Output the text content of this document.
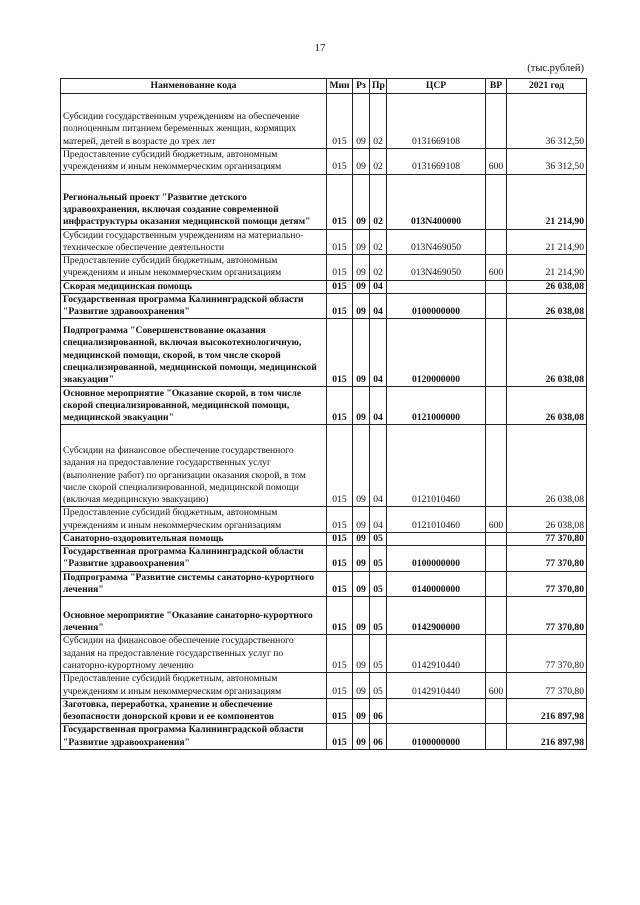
17
(тыс.рублей)
Наименование кода	Мин	Рз	Пр	ЦСР	ВР	2021 год
Субсидии государственным учреждениям на обеспечение полноценным питанием беременных женщин, кормящих матерей, детей в возрасте до трех лет	015	09	02	0131669108		36 312,50
Предоставление субсидий бюджетным, автономным учреждениям и иным некоммерческим организациям	015	09	02	0131669108	600	36 312,50
Региональный проект "Развитие детского здравоохранения, включая создание современной инфраструктуры оказания медицинской помощи детям"	015	09	02	013N400000		21 214,90
Субсидии государственным учреждениям на материально-техническое обеспечение деятельности	015	09	02	013N469050		21 214,90
Предоставление субсидий бюджетным, автономным учреждениям и иным некоммерческим организациям	015	09	02	013N469050	600	21 214,90
Скорая медицинская помощь	015	09	04			26 038,08
Государственная программа Калининградской области "Развитие здравоохранения"	015	09	04	0100000000		26 038,08
Подпрограмма "Совершенствование оказания специализированной, включая высокотехнологичную, медицинской помощи, скорой, в том числе скорой специализированной, медицинской помощи, медицинской эвакуации"	015	09	04	0120000000		26 038,08
Основное мероприятие "Оказание скорой, в том числе скорой специализированной, медицинской помощи, медицинской эвакуации"	015	09	04	0121000000		26 038,08
Субсидии на финансовое обеспечение государственного задания на предоставление государственных услуг (выполнение работ) по организации оказания скорой, в том числе скорой специализированной, медицинской помощи (включая медицинскую эвакуацию)	015	09	04	0121010460		26 038,08
Предоставление субсидий бюджетным, автономным учреждениям и иным некоммерческим организациям	015	09	04	0121010460	600	26 038,08
Санаторно-оздоровительная помощь	015	09	05			77 370,80
Государственная программа Калининградской области "Развитие здравоохранения"	015	09	05	0100000000		77 370,80
Подпрограмма "Развитие системы санаторно-курортного лечения"	015	09	05	0140000000		77 370,80
Основное мероприятие "Оказание санаторно-курортного лечения"	015	09	05	0142900000		77 370,80
Субсидии на финансовое обеспечение государственного задания на предоставление государственных услуг по санаторно-курортному лечению	015	09	05	0142910440		77 370,80
Предоставление субсидий бюджетным, автономным учреждениям и иным некоммерческим организациям	015	09	05	0142910440	600	77 370,80
Заготовка, переработка, хранение и обеспечение безопасности донорской крови и ее компонентов	015	09	06			216 897,98
Государственная программа Калининградской области "Развитие здравоохранения"	015	09	06	0100000000		216 897,98
